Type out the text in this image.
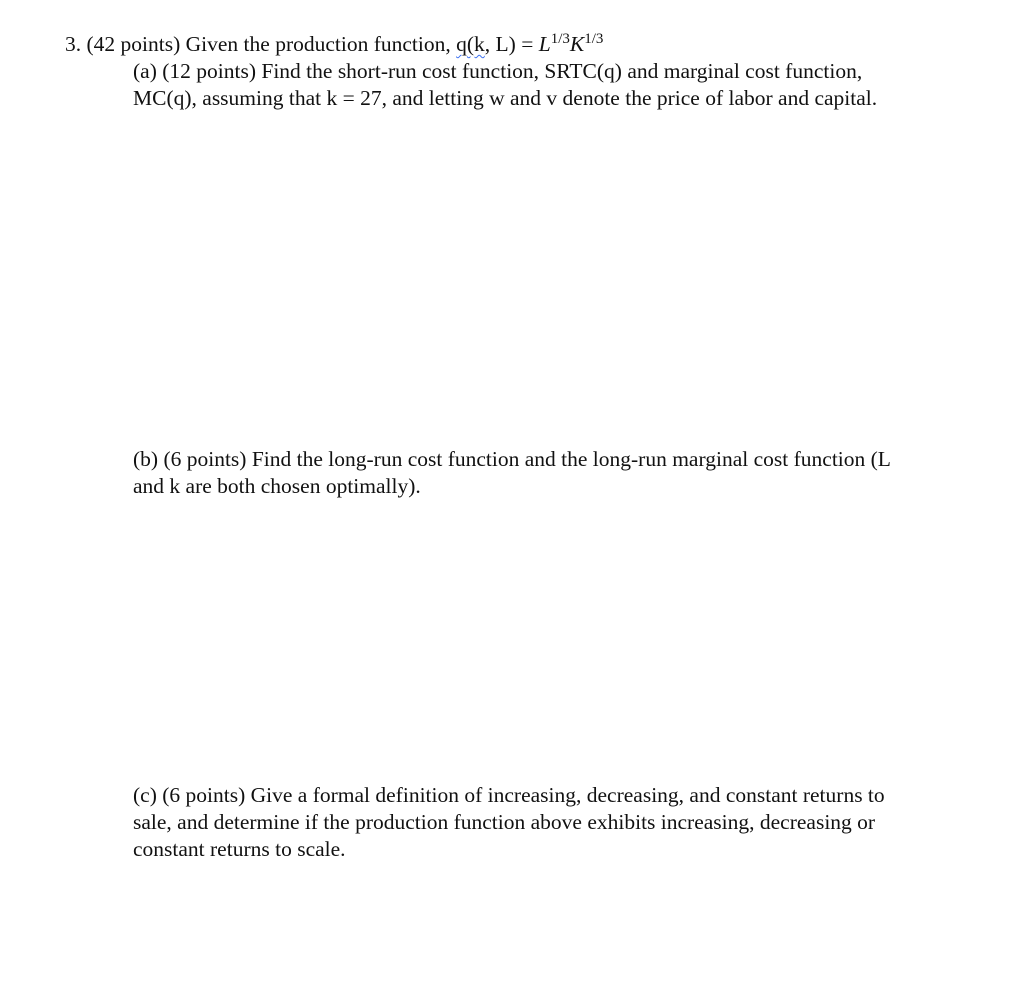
3. (42 points) Given the production function, q(k, $L) = L^{1/3}K^{1/3}$

(a) (12 points) Find the short-run cost function, SRTC(q) and marginal cost function,

MC(q), assuming that k = 27, and letting w and v denote the price of labor and capital.

(b) (6 points) Find the long-run cost function and the long-run marginal cost function (L

and k are both chosen optimally).

(c) (6 points) Give a formal definition of increasing, decreasing, and constant returns to

sale, and determine if the production function above exhibits increasing, decreasing or

constant returns to scale.
